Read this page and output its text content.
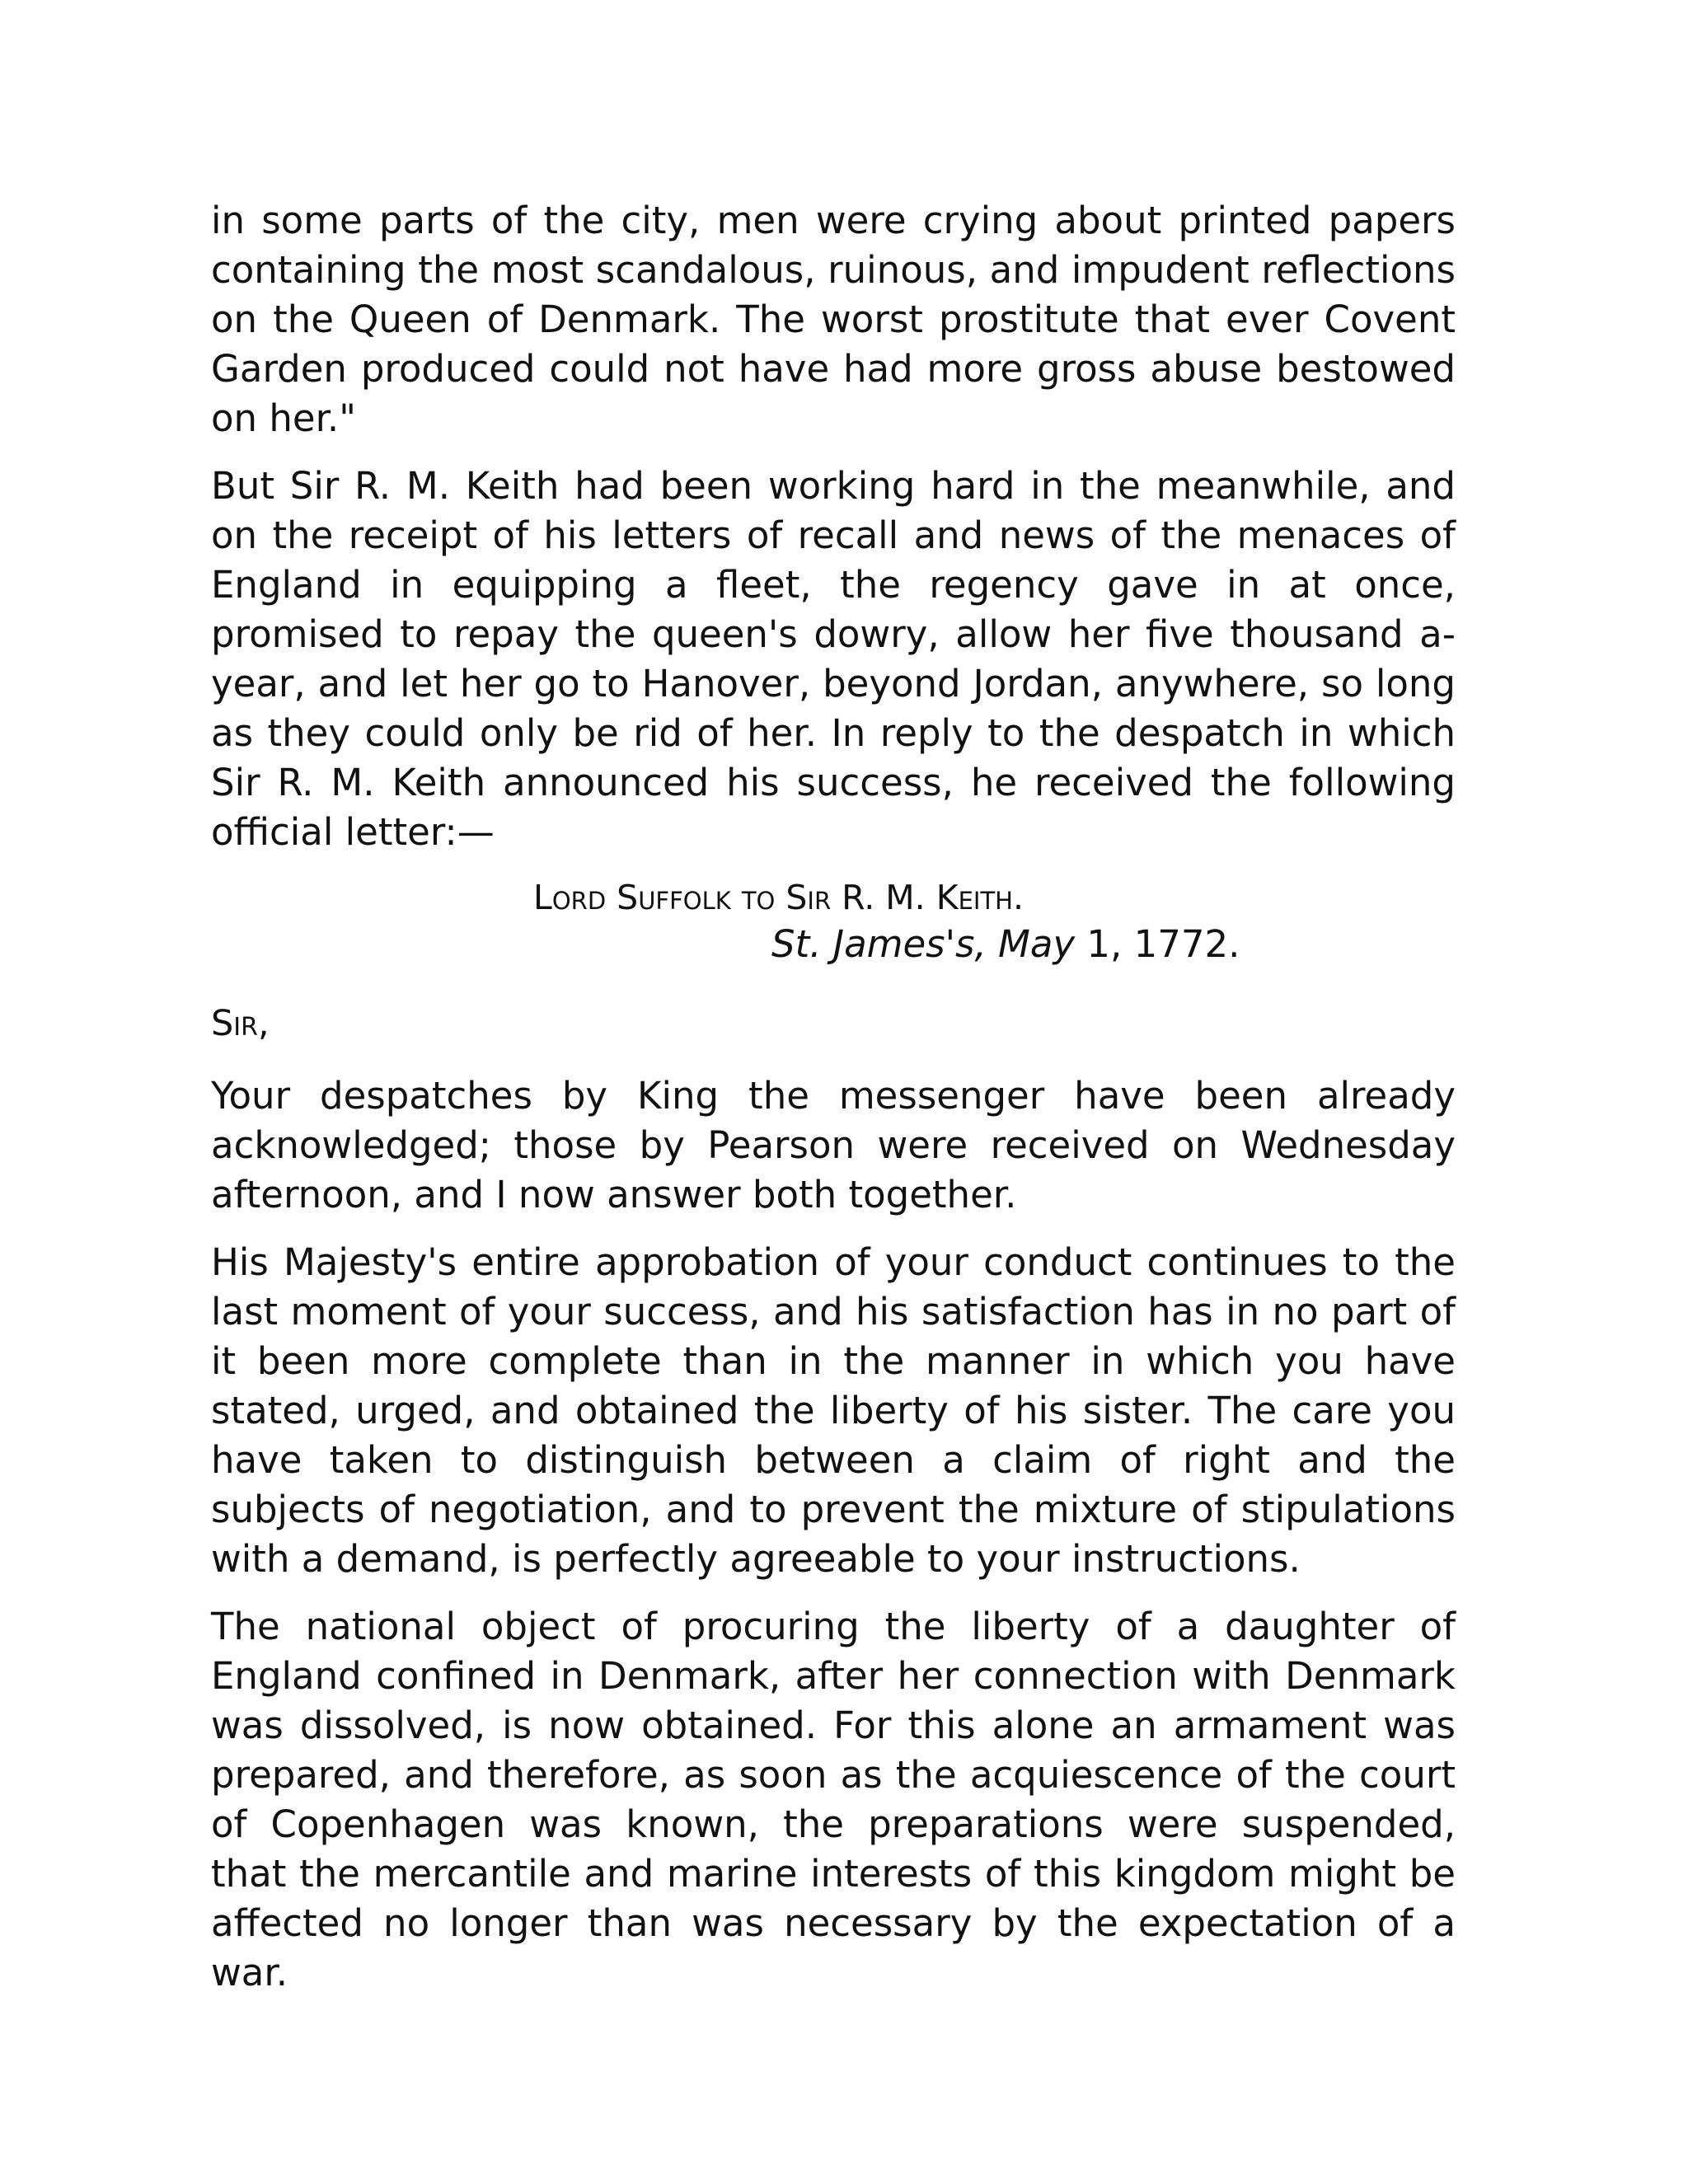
in some parts of the city, men were crying about printed papers containing the most scandalous, ruinous, and impudent reflections on the Queen of Denmark. The worst prostitute that ever Covent Garden produced could not have had more gross abuse bestowed on her."

But Sir R. M. Keith had been working hard in the meanwhile, and on the receipt of his letters of recall and news of the menaces of England in equipping a fleet, the regency gave in at once, promised to repay the queen's dowry, allow her five thousand a-year, and let her go to Hanover, beyond Jordan, anywhere, so long as they could only be rid of her. In reply to the despatch in which Sir R. M. Keith announced his success, he received the following official letter:—

Lord Suffolk to Sir R. M. Keith.
St. James's, May 1, 1772.
Sir,

Your despatches by King the messenger have been already acknowledged; those by Pearson were received on Wednesday afternoon, and I now answer both together.

His Majesty's entire approbation of your conduct continues to the last moment of your success, and his satisfaction has in no part of it been more complete than in the manner in which you have stated, urged, and obtained the liberty of his sister. The care you have taken to distinguish between a claim of right and the subjects of negotiation, and to prevent the mixture of stipulations with a demand, is perfectly agreeable to your instructions.

The national object of procuring the liberty of a daughter of England confined in Denmark, after her connection with Denmark was dissolved, is now obtained. For this alone an armament was prepared, and therefore, as soon as the acquiescence of the court of Copenhagen was known, the preparations were suspended, that the mercantile and marine interests of this kingdom might be affected no longer than was necessary by the expectation of a war.
